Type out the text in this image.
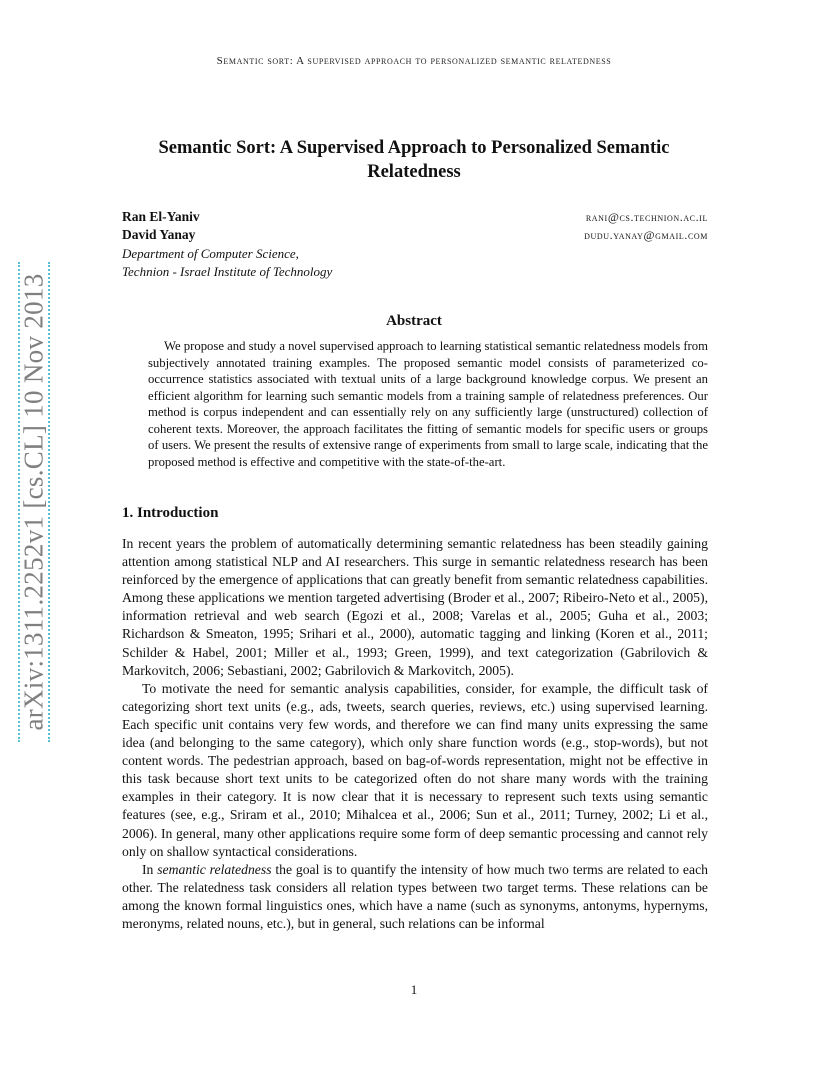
Semantic sort: A supervised approach to personalized semantic relatedness
arXiv:1311.2252v1 [cs.CL] 10 Nov 2013
Semantic Sort: A Supervised Approach to Personalized Semantic Relatedness
Ran El-Yaniv	rani@cs.technion.ac.il
David Yanay	dudu.yanay@gmail.com
Department of Computer Science,
Technion - Israel Institute of Technology
Abstract
We propose and study a novel supervised approach to learning statistical semantic relatedness models from subjectively annotated training examples. The proposed semantic model consists of parameterized co-occurrence statistics associated with textual units of a large background knowledge corpus. We present an efficient algorithm for learning such semantic models from a training sample of relatedness preferences. Our method is corpus independent and can essentially rely on any sufficiently large (unstructured) collection of coherent texts. Moreover, the approach facilitates the fitting of semantic models for specific users or groups of users. We present the results of extensive range of experiments from small to large scale, indicating that the proposed method is effective and competitive with the state-of-the-art.
1. Introduction

In recent years the problem of automatically determining semantic relatedness has been steadily gaining attention among statistical NLP and AI researchers. This surge in semantic relatedness research has been reinforced by the emergence of applications that can greatly benefit from semantic relatedness capabilities. Among these applications we mention targeted advertising (Broder et al., 2007; Ribeiro-Neto et al., 2005), information retrieval and web search (Egozi et al., 2008; Varelas et al., 2005; Guha et al., 2003; Richardson & Smeaton, 1995; Srihari et al., 2000), automatic tagging and linking (Koren et al., 2011; Schilder & Habel, 2001; Miller et al., 1993; Green, 1999), and text categorization (Gabrilovich & Markovitch, 2006; Sebastiani, 2002; Gabrilovich & Markovitch, 2005).

To motivate the need for semantic analysis capabilities, consider, for example, the difficult task of categorizing short text units (e.g., ads, tweets, search queries, reviews, etc.) using supervised learning. Each specific unit contains very few words, and therefore we can find many units expressing the same idea (and belonging to the same category), which only share function words (e.g., stop-words), but not content words. The pedestrian approach, based on bag-of-words representation, might not be effective in this task because short text units to be categorized often do not share many words with the training examples in their category. It is now clear that it is necessary to represent such texts using semantic features (see, e.g., Sriram et al., 2010; Mihalcea et al., 2006; Sun et al., 2011; Turney, 2002; Li et al., 2006). In general, many other applications require some form of deep semantic processing and cannot rely only on shallow syntactical considerations.

In semantic relatedness the goal is to quantify the intensity of how much two terms are related to each other. The relatedness task considers all relation types between two target terms. These relations can be among the known formal linguistics ones, which have a name (such as synonyms, antonyms, hypernyms, meronyms, related nouns, etc.), but in general, such relations can be informal

1
